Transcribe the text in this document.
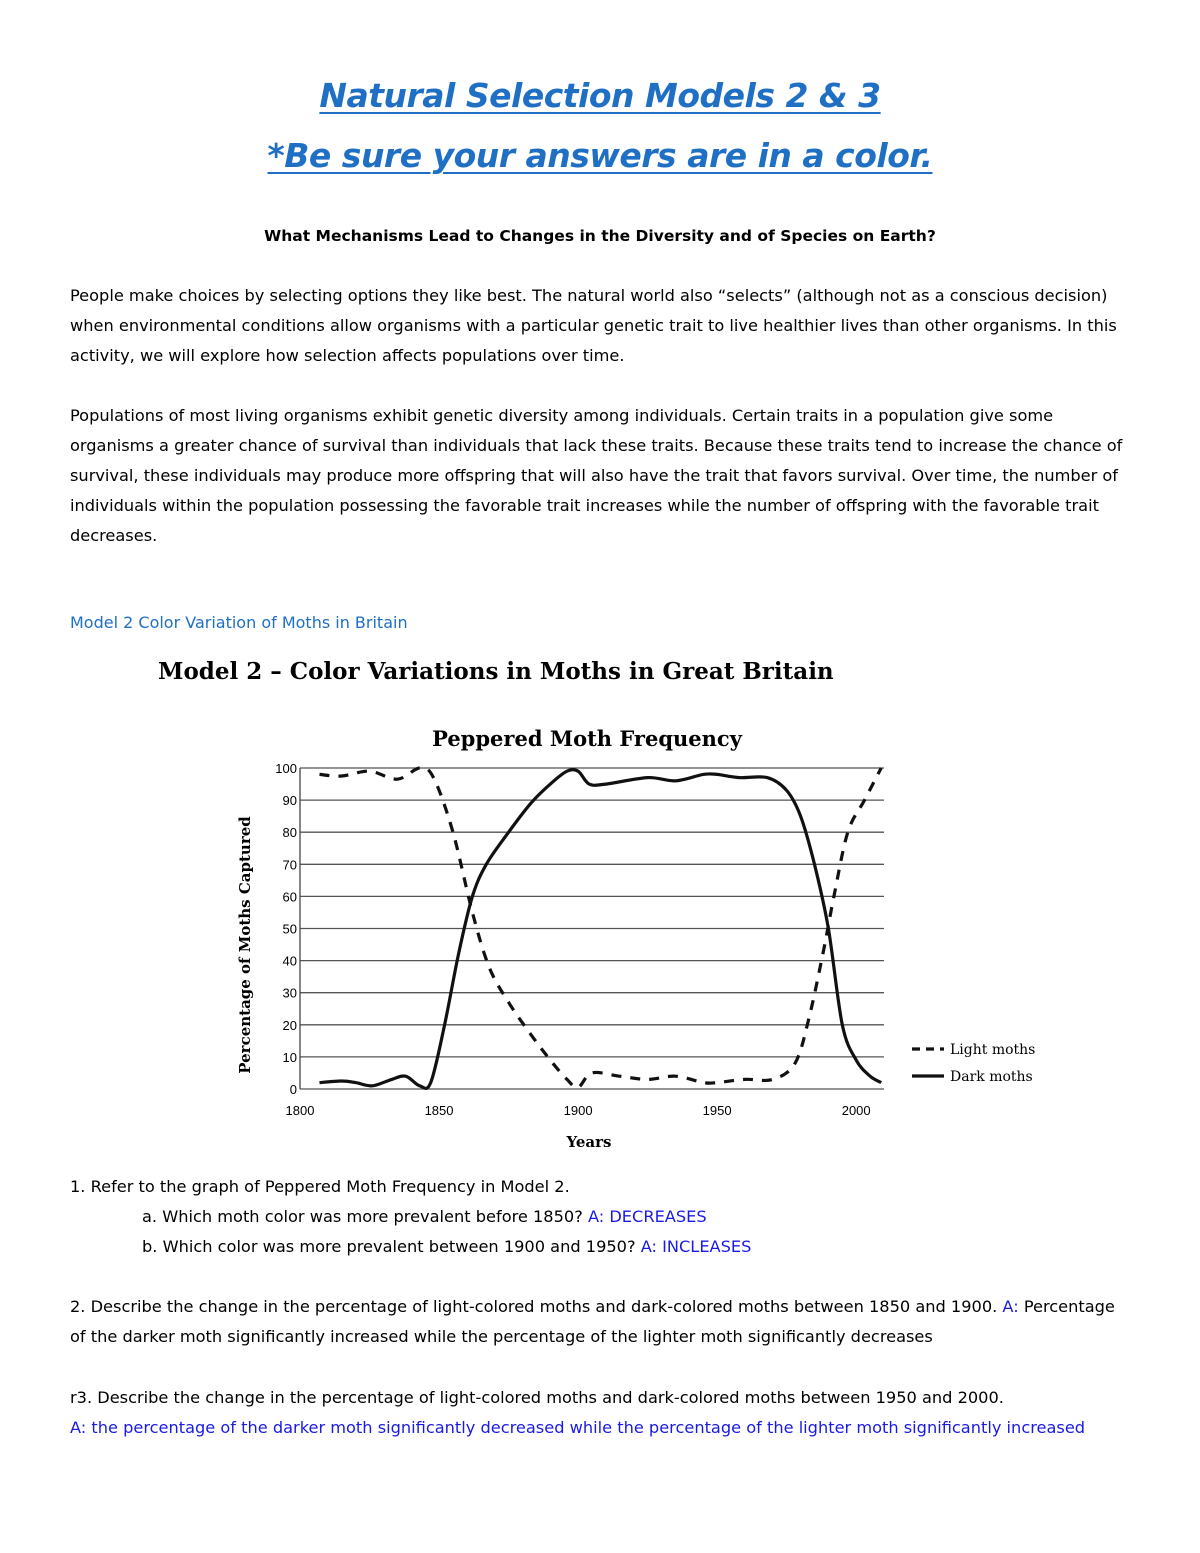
Natural Selection Models 2 & 3
*Be sure your answers are in a color.
What Mechanisms Lead to Changes in the Diversity and of Species on Earth?

People make choices by selecting options they like best. The natural world also “selects” (although not as a conscious decision) when environmental conditions allow organisms with a particular genetic trait to live healthier lives than other organisms. In this activity, we will explore how selection affects populations over time.

Populations of most living organisms exhibit genetic diversity among individuals. Certain traits in a population give some organisms a greater chance of survival than individuals that lack these traits. Because these traits tend to increase the chance of survival, these individuals may produce more offspring that will also have the trait that favors survival. Over time, the number of individuals within the population possessing the favorable trait increases while the number of offspring with the favorable trait decreases.

Model 2 Color Variation of Moths in Britain
Model 2 – Color Variations in Moths in Great Britain
Peppered Moth Frequency
0
10
20
30
40
50
60
70
80
90
100
1800	1850	1900	1950	2000
Percentage of Moths Captured
Years
Light moths
Dark moths
1. Refer to the graph of Peppered Moth Frequency in Model 2.
a. Which moth color was more prevalent before 1850? A: DECREASES
b. Which color was more prevalent between 1900 and 1950? A: INCLEASES
2. Describe the change in the percentage of light-colored moths and dark-colored moths between 1850 and 1900. A: Percentage of the darker moth significantly increased while the percentage of the lighter moth significantly decreases
r3. Describe the change in the percentage of light-colored moths and dark-colored moths between 1950 and 2000.
A: the percentage of the darker moth significantly decreased while the percentage of the lighter moth significantly increased
